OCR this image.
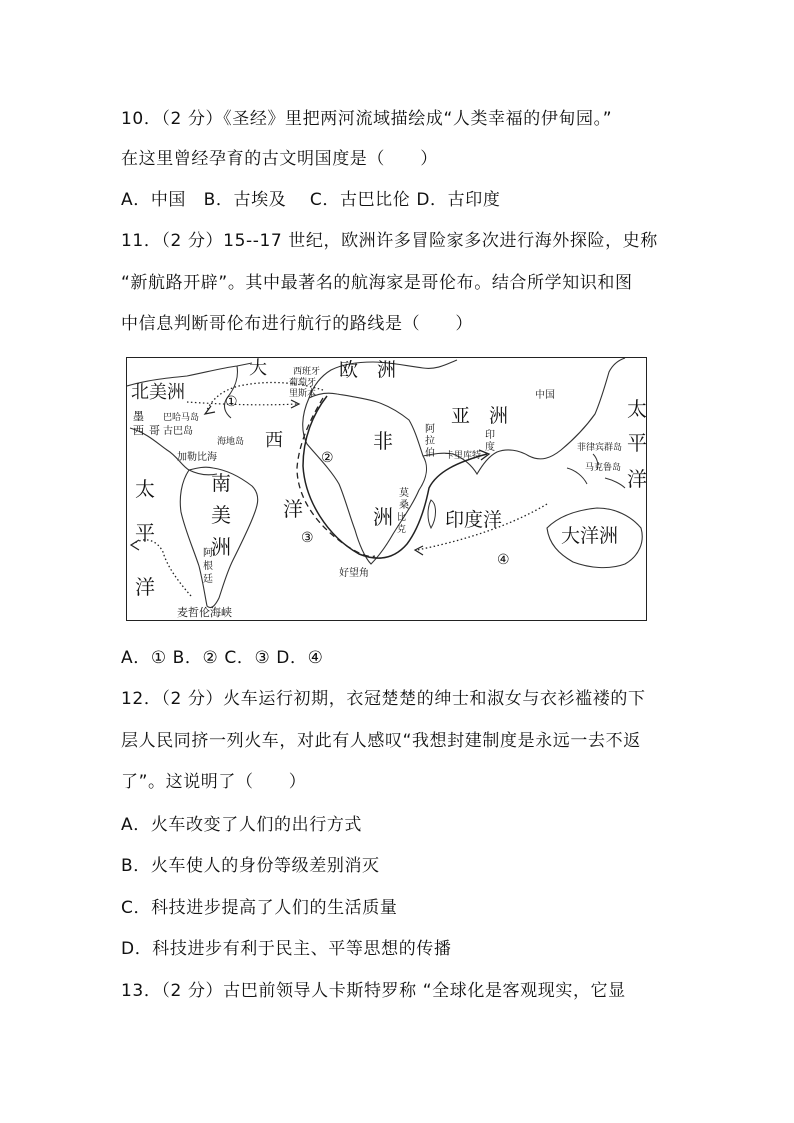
10．（2 分）《圣经》里把两河流域描绘成“人类幸福的伊甸园。”
在这里曾经孕育的古文明国度是（　　）
A．中国　B．古埃及　 C．古巴比伦 D．古印度
11．（2 分）15--17 世纪，欧洲许多冒险家多次进行海外探险，史称
“新航路开辟”。其中最著名的航海家是哥伦布。结合所学知识和图
中信息判断哥伦布进行航行的路线是（　　）
大	欧　洲
北美洲
西班牙
葡萄牙
里斯本
①
墨
西 哥
巴哈马岛
古巴岛
海地岛
加勒比海
西
亚　洲
中国
阿
拉
伯
印
度
卡里库特
菲律宾群岛
马克鲁岛
非
洲
②
③
④
太
平
洋
太
平
洋
南
美
洲
洋
阿
根
廷
麦哲伦海峡
莫
桑
比
克 印度洋
大洋洲
好望角
A．① B．② C．③ D．④
12．（2 分）火车运行初期，衣冠楚楚的绅士和淑女与衣衫褴褛的下
层人民同挤一列火车，对此有人感叹“我想封建制度是永远一去不返
了”。这说明了（　　）
A．火车改变了人们的出行方式
B．火车使人的身份等级差别消灭
C．科技进步提高了人们的生活质量
D．科技进步有利于民主、平等思想的传播
13．（2 分）古巴前领导人卡斯特罗称 “全球化是客观现实，它显
